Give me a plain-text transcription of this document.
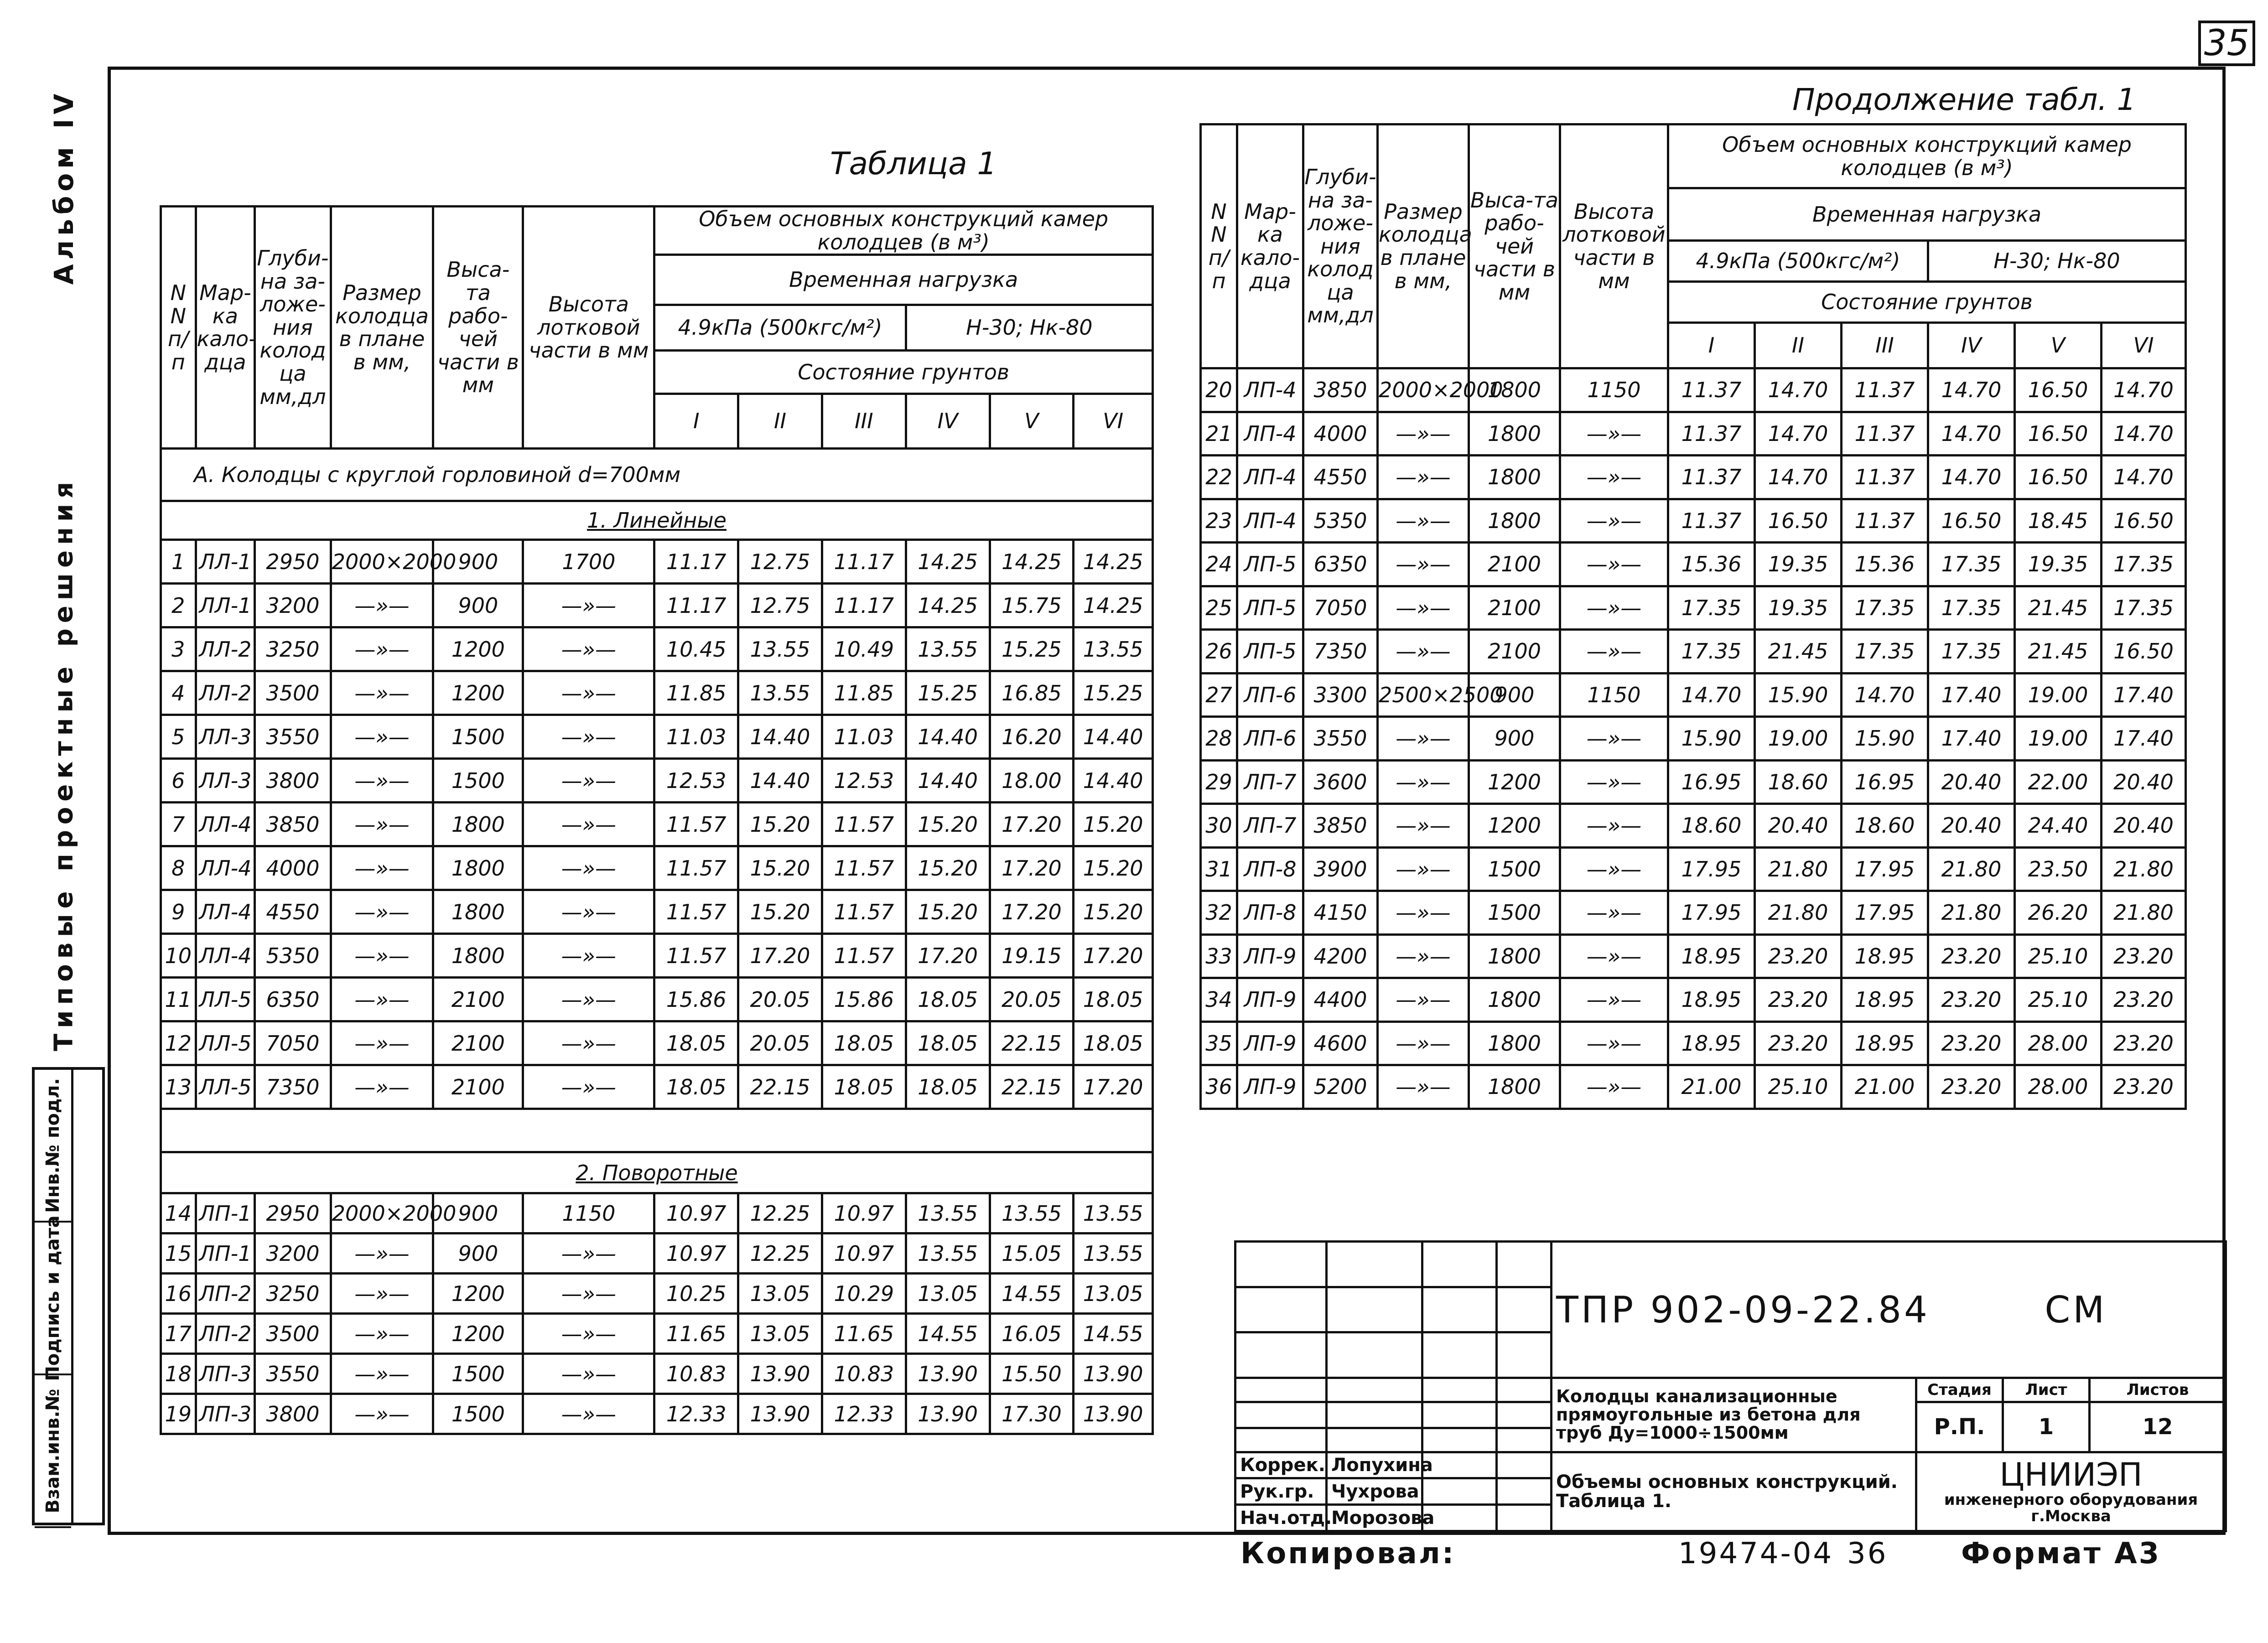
35
Альбом IV
Типовые проектные решения
Инв.№ подл.
Подпись и дата
Взам.инв.№
Таблица 1
N N п/п	Мар-ка кало-дца	Глуби-на за-ложе-ния колод ца мм,дл	Размер колодца в плане в мм,	Выса-та рабо-чей части в мм	Высота лотковой части в мм	Объем основных конструкций камер колодцев (в м³)					
						Временная нагрузка					
						4.9кПа (500кгс/м²)			Н-30; Нк-80		
						Состояние грунтов					
						I	II	III	IV	V	VI
А. Колодцы с круглой горловиной d=700мм											
1. Линейные											
1	ЛЛ-1	2950	2000×2000	900	1700	11.17	12.75	11.17	14.25	14.25	14.25
2	ЛЛ-1	3200	—»—	900	—»—	11.17	12.75	11.17	14.25	15.75	14.25
3	ЛЛ-2	3250	—»—	1200	—»—	10.45	13.55	10.49	13.55	15.25	13.55
4	ЛЛ-2	3500	—»—	1200	—»—	11.85	13.55	11.85	15.25	16.85	15.25
5	ЛЛ-3	3550	—»—	1500	—»—	11.03	14.40	11.03	14.40	16.20	14.40
6	ЛЛ-3	3800	—»—	1500	—»—	12.53	14.40	12.53	14.40	18.00	14.40
7	ЛЛ-4	3850	—»—	1800	—»—	11.57	15.20	11.57	15.20	17.20	15.20
8	ЛЛ-4	4000	—»—	1800	—»—	11.57	15.20	11.57	15.20	17.20	15.20
9	ЛЛ-4	4550	—»—	1800	—»—	11.57	15.20	11.57	15.20	17.20	15.20
10	ЛЛ-4	5350	—»—	1800	—»—	11.57	17.20	11.57	17.20	19.15	17.20
11	ЛЛ-5	6350	—»—	2100	—»—	15.86	20.05	15.86	18.05	20.05	18.05
12	ЛЛ-5	7050	—»—	2100	—»—	18.05	20.05	18.05	18.05	22.15	18.05
13	ЛЛ-5	7350	—»—	2100	—»—	18.05	22.15	18.05	18.05	22.15	17.20

2. Поворотные											
14	ЛП-1	2950	2000×2000	900	1150	10.97	12.25	10.97	13.55	13.55	13.55
15	ЛП-1	3200	—»—	900	—»—	10.97	12.25	10.97	13.55	15.05	13.55
16	ЛП-2	3250	—»—	1200	—»—	10.25	13.05	10.29	13.05	14.55	13.05
17	ЛП-2	3500	—»—	1200	—»—	11.65	13.05	11.65	14.55	16.05	14.55
18	ЛП-3	3550	—»—	1500	—»—	10.83	13.90	10.83	13.90	15.50	13.90
19	ЛП-3	3800	—»—	1500	—»—	12.33	13.90	12.33	13.90	17.30	13.90
Продолжение табл. 1
N N п/п	Мар-ка кало-дца	Глуби-на за-ложе-ния колод ца мм,дл	Размер колодца в плане в мм,	Выса-та рабо-чей части в мм	Высота лотковой части в мм	Объем основных конструкций камер колодцев (в м³)					
						Временная нагрузка					
						4.9кПа (500кгс/м²)			Н-30; Нк-80		
						Состояние грунтов					
						I	II	III	IV	V	VI
20	ЛП-4	3850	2000×2000	1800	1150	11.37	14.70	11.37	14.70	16.50	14.70
21	ЛП-4	4000	—»—	1800	—»—	11.37	14.70	11.37	14.70	16.50	14.70
22	ЛП-4	4550	—»—	1800	—»—	11.37	14.70	11.37	14.70	16.50	14.70
23	ЛП-4	5350	—»—	1800	—»—	11.37	16.50	11.37	16.50	18.45	16.50
24	ЛП-5	6350	—»—	2100	—»—	15.36	19.35	15.36	17.35	19.35	17.35
25	ЛП-5	7050	—»—	2100	—»—	17.35	19.35	17.35	17.35	21.45	17.35
26	ЛП-5	7350	—»—	2100	—»—	17.35	21.45	17.35	17.35	21.45	16.50
27	ЛП-6	3300	2500×2500	900	1150	14.70	15.90	14.70	17.40	19.00	17.40
28	ЛП-6	3550	—»—	900	—»—	15.90	19.00	15.90	17.40	19.00	17.40
29	ЛП-7	3600	—»—	1200	—»—	16.95	18.60	16.95	20.40	22.00	20.40
30	ЛП-7	3850	—»—	1200	—»—	18.60	20.40	18.60	20.40	24.40	20.40
31	ЛП-8	3900	—»—	1500	—»—	17.95	21.80	17.95	21.80	23.50	21.80
32	ЛП-8	4150	—»—	1500	—»—	17.95	21.80	17.95	21.80	26.20	21.80
33	ЛП-9	4200	—»—	1800	—»—	18.95	23.20	18.95	23.20	25.10	23.20
34	ЛП-9	4400	—»—	1800	—»—	18.95	23.20	18.95	23.20	25.10	23.20
35	ЛП-9	4600	—»—	1800	—»—	18.95	23.20	18.95	23.20	28.00	23.20
36	ЛП-9	5200	—»—	1800	—»—	21.00	25.10	21.00	23.20	28.00	23.20
				ТПР 902-09-22.84 СМ			

				Колодцы канализационные прямоугольные из бетона для труб Ду=1000÷1500мм	Стадия	Лист	Листов
					Р.П.	1	12

Коррек.	Лопухина			Объемы основных конструкций. Таблица 1.	ЦНИИЭП
инженерного оборудования г.Москва		

Рук.гр.	Чухрова						
Нач.отд.	Морозова						
Копировал:	19474-04 36	Формат А3
